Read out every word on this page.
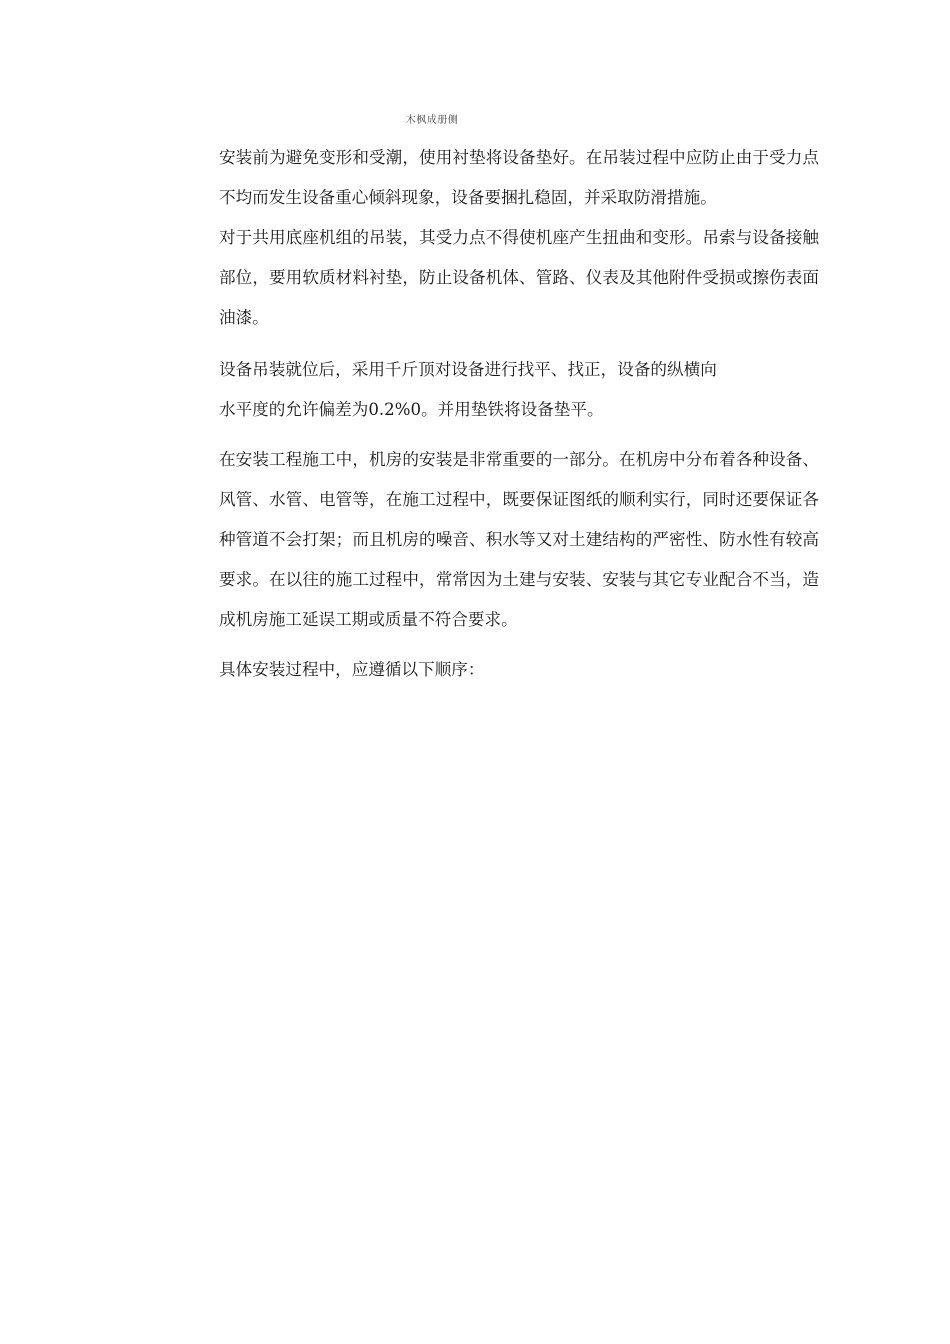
木枫成册侧

安装前为避免变形和受潮，使用衬垫将设备垫好。在吊装过程中应防止由于受力点不均而发生设备重心倾斜现象，设备要捆扎稳固，并采取防滑措施。

对于共用底座机组的吊装，其受力点不得使机座产生扭曲和变形。吊索与设备接触部位，要用软质材料衬垫，防止设备机体、管路、仪表及其他附件受损或擦伤表面油漆。

设备吊装就位后，采用千斤顶对设备进行找平、找正，设备的纵横向

水平度的允许偏差为0.2%0。并用垫铁将设备垫平。

在安装工程施工中，机房的安装是非常重要的一部分。在机房中分布着各种设备、风管、水管、电管等，在施工过程中，既要保证图纸的顺利实行，同时还要保证各种管道不会打架；而且机房的噪音、积水等又对土建结构的严密性、防水性有较高要求。在以往的施工过程中，常常因为土建与安装、安装与其它专业配合不当，造成机房施工延误工期或质量不符合要求。

具体安装过程中，应遵循以下顺序：
